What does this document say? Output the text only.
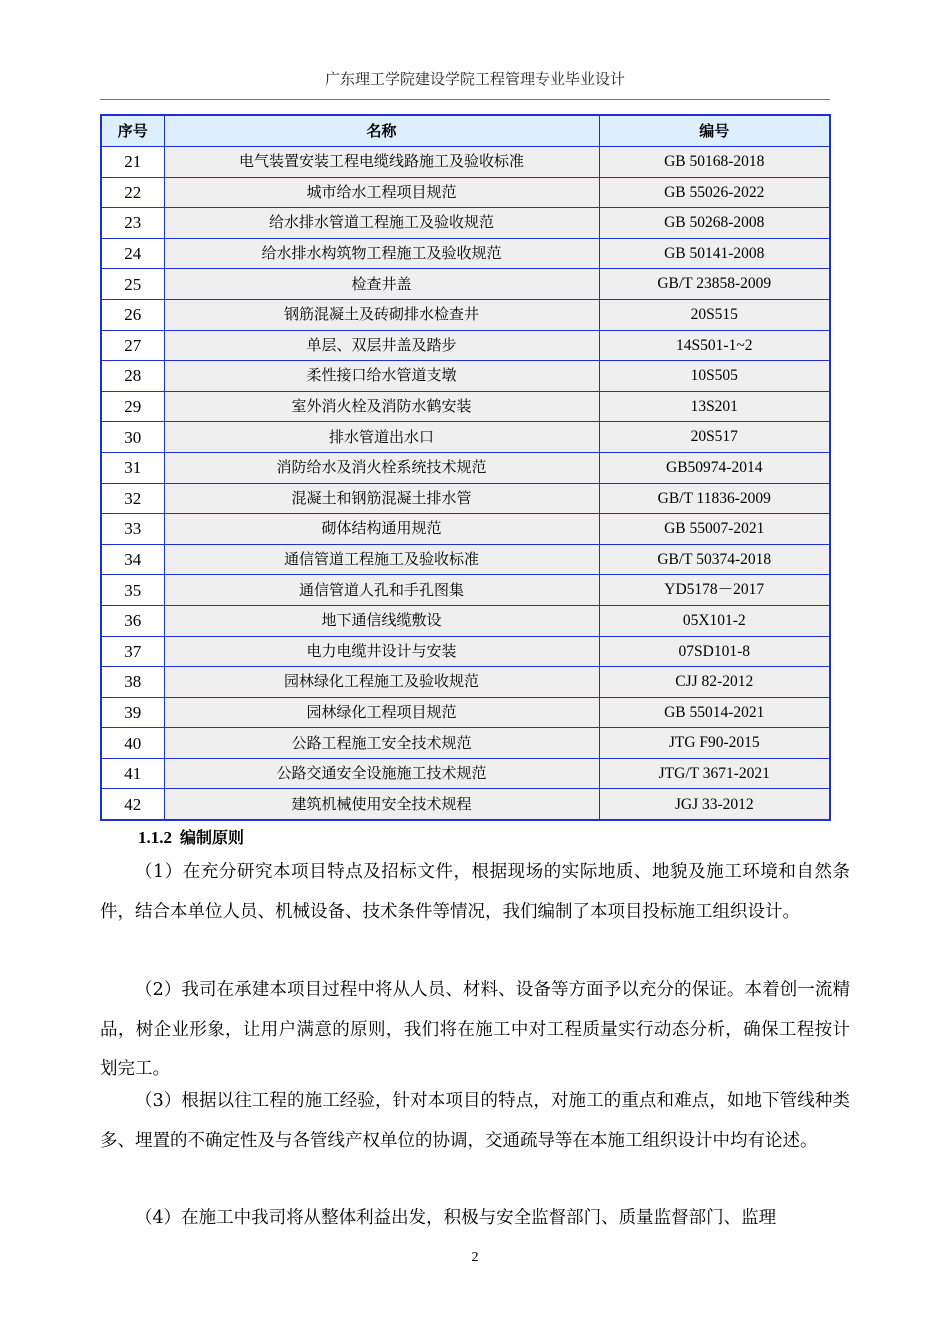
广东理工学院建设学院工程管理专业毕业设计
序号	名称	编号
21	电气装置安装工程电缆线路施工及验收标准	GB 50168-2018
22	城市给水工程项目规范	GB 55026-2022
23	给水排水管道工程施工及验收规范	GB 50268-2008
24	给水排水构筑物工程施工及验收规范	GB 50141-2008
25	检查井盖	GB/T 23858-2009
26	钢筋混凝土及砖砌排水检查井	20S515
27	单层、双层井盖及踏步	14S501-1~2
28	柔性接口给水管道支墩	10S505
29	室外消火栓及消防水鹤安装	13S201
30	排水管道出水口	20S517
31	消防给水及消火栓系统技术规范	GB50974-2014
32	混凝土和钢筋混凝土排水管	GB/T 11836-2009
33	砌体结构通用规范	GB 55007-2021
34	通信管道工程施工及验收标准	GB/T 50374-2018
35	通信管道人孔和手孔图集	YD5178－2017
36	地下通信线缆敷设	05X101-2
37	电力电缆井设计与安装	07SD101-8
38	园林绿化工程施工及验收规范	CJJ 82-2012
39	园林绿化工程项目规范	GB 55014-2021
40	公路工程施工安全技术规范	JTG F90-2015
41	公路交通安全设施施工技术规范	JTG/T 3671-2021
42	建筑机械使用安全技术规程	JGJ 33-2012
1.1.2 编制原则

（1）在充分研究本项目特点及招标文件，根据现场的实际地质、地貌及施工环境和自然条件，结合本单位人员、机械设备、技术条件等情况，我们编制了本项目投标施工组织设计。

（2）我司在承建本项目过程中将从人员、材料、设备等方面予以充分的保证。本着创一流精品，树企业形象，让用户满意的原则，我们将在施工中对工程质量实行动态分析，确保工程按计划完工。

（3）根据以往工程的施工经验，针对本项目的特点，对施工的重点和难点，如地下管线种类多、埋置的不确定性及与各管线产权单位的协调，交通疏导等在本施工组织设计中均有论述。

（4）在施工中我司将从整体利益出发，积极与安全监督部门、质量监督部门、监理

2
